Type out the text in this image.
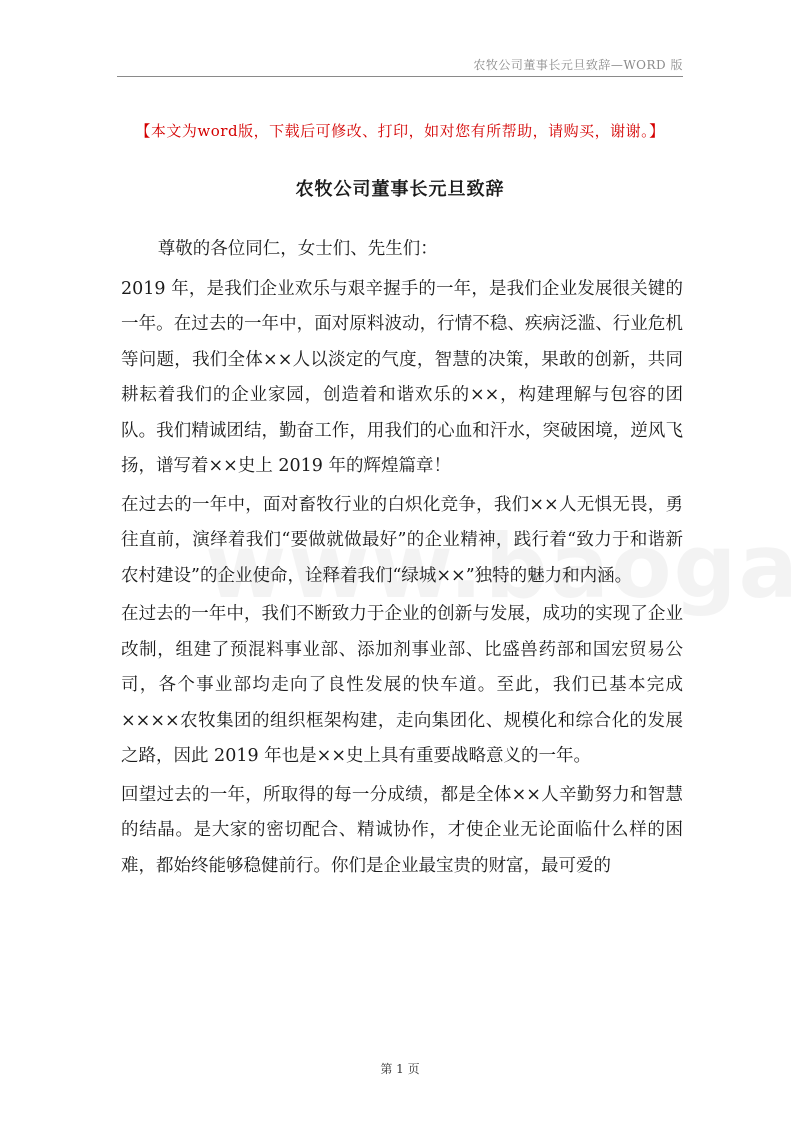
农牧公司董事长元旦致辞—WORD 版
【本文为word版，下载后可修改、打印，如对您有所帮助，请购买，谢谢。】
农牧公司董事长元旦致辞

尊敬的各位同仁，女士们、先生们：

2019 年，是我们企业欢乐与艰辛握手的一年，是我们企业发展很关键的一年。在过去的一年中，面对原料波动，行情不稳、疾病泛滥、行业危机等问题，我们全体××人以淡定的气度，智慧的决策，果敢的创新，共同耕耘着我们的企业家园，创造着和谐欢乐的××，构建理解与包容的团队。我们精诚团结，勤奋工作，用我们的心血和汗水，突破困境，逆风飞扬，谱写着××史上 2019 年的辉煌篇章！

在过去的一年中，面对畜牧行业的白炽化竞争，我们××人无惧无畏，勇往直前，演绎着我们“要做就做最好”的企业精神，践行着“致力于和谐新农村建设”的企业使命，诠释着我们“绿城××”独特的魅力和内涵。

在过去的一年中，我们不断致力于企业的创新与发展，成功的实现了企业改制，组建了预混料事业部、添加剂事业部、比盛兽药部和国宏贸易公司，各个事业部均走向了良性发展的快车道。至此，我们已基本完成××××农牧集团的组织框架构建，走向集团化、规模化和综合化的发展之路，因此 2019 年也是××史上具有重要战略意义的一年。

回望过去的一年，所取得的每一分成绩，都是全体××人辛勤努力和智慧的结晶。是大家的密切配合、精诚协作，才使企业无论面临什么样的困难，都始终能够稳健前行。你们是企业最宝贵的财富，最可爱的

第 1 页
